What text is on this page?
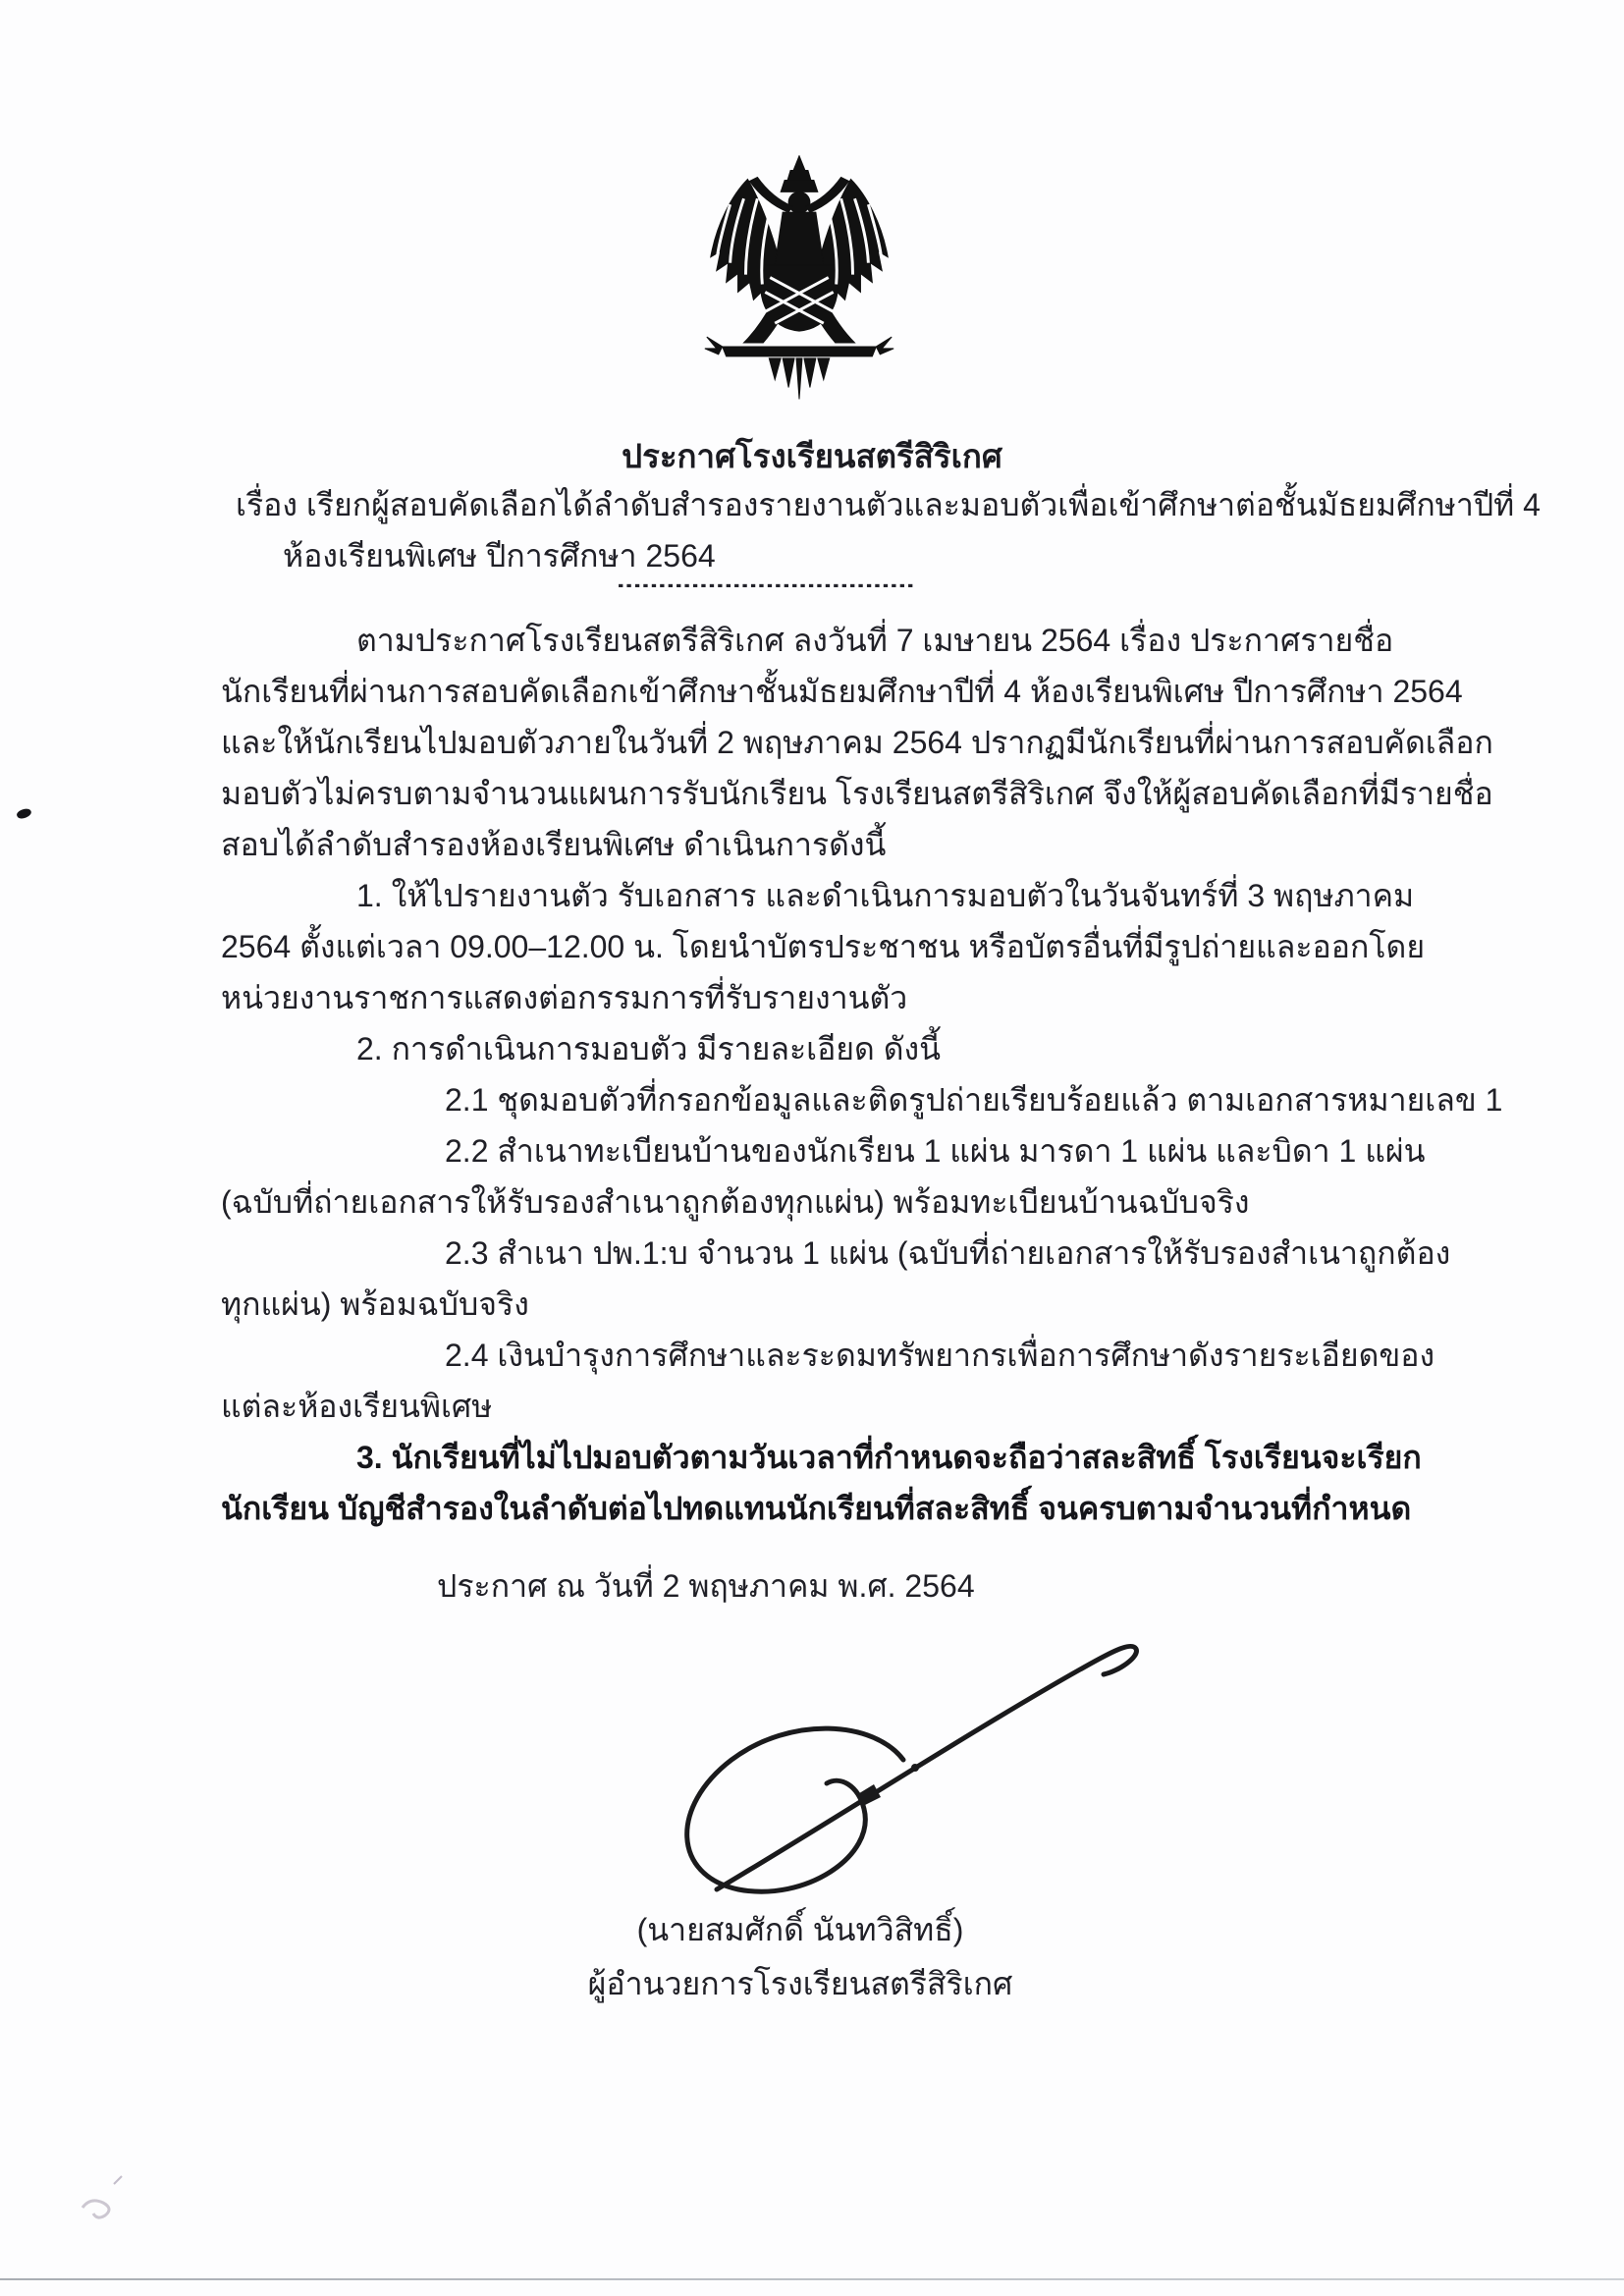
ประกาศโรงเรียนสตรีสิริเกศ
เรื่อง เรียกผู้สอบคัดเลือกได้ลำดับสำรองรายงานตัวและมอบตัวเพื่อเข้าศึกษาต่อชั้นมัธยมศึกษาปีที่ 4
ห้องเรียนพิเศษ ปีการศึกษา 2564
------------------------------------
ตามประกาศโรงเรียนสตรีสิริเกศ ลงวันที่ 7 เมษายน 2564 เรื่อง ประกาศรายชื่อ
นักเรียนที่ผ่านการสอบคัดเลือกเข้าศึกษาชั้นมัธยมศึกษาปีที่ 4 ห้องเรียนพิเศษ ปีการศึกษา 2564
และให้นักเรียนไปมอบตัวภายในวันที่ 2 พฤษภาคม 2564 ปรากฏมีนักเรียนที่ผ่านการสอบคัดเลือก
มอบตัวไม่ครบตามจำนวนแผนการรับนักเรียน โรงเรียนสตรีสิริเกศ จึงให้ผู้สอบคัดเลือกที่มีรายชื่อ
สอบได้ลำดับสำรองห้องเรียนพิเศษ ดำเนินการดังนี้
1. ให้ไปรายงานตัว รับเอกสาร และดำเนินการมอบตัวในวันจันทร์ที่ 3 พฤษภาคม
2564 ตั้งแต่เวลา 09.00–12.00 น. โดยนำบัตรประชาชน หรือบัตรอื่นที่มีรูปถ่ายและออกโดย
หน่วยงานราชการแสดงต่อกรรมการที่รับรายงานตัว
2. การดำเนินการมอบตัว มีรายละเอียด ดังนี้
2.1 ชุดมอบตัวที่กรอกข้อมูลและติดรูปถ่ายเรียบร้อยแล้ว ตามเอกสารหมายเลข 1
2.2 สำเนาทะเบียนบ้านของนักเรียน 1 แผ่น มารดา 1 แผ่น และบิดา 1 แผ่น
(ฉบับที่ถ่ายเอกสารให้รับรองสำเนาถูกต้องทุกแผ่น) พร้อมทะเบียนบ้านฉบับจริง
2.3 สำเนา ปพ.1:บ จำนวน 1 แผ่น (ฉบับที่ถ่ายเอกสารให้รับรองสำเนาถูกต้อง
ทุกแผ่น) พร้อมฉบับจริง
2.4 เงินบำรุงการศึกษาและระดมทรัพยากรเพื่อการศึกษาดังรายระเอียดของ
แต่ละห้องเรียนพิเศษ
3. นักเรียนที่ไม่ไปมอบตัวตามวันเวลาที่กำหนดจะถือว่าสละสิทธิ์ โรงเรียนจะเรียก
นักเรียน บัญชีสำรองในลำดับต่อไปทดแทนนักเรียนที่สละสิทธิ์ จนครบตามจำนวนที่กำหนด
ประกาศ ณ วันที่ 2 พฤษภาคม พ.ศ. 2564
(นายสมศักดิ์ นันทวิสิทธิ์)
ผู้อำนวยการโรงเรียนสตรีสิริเกศ
